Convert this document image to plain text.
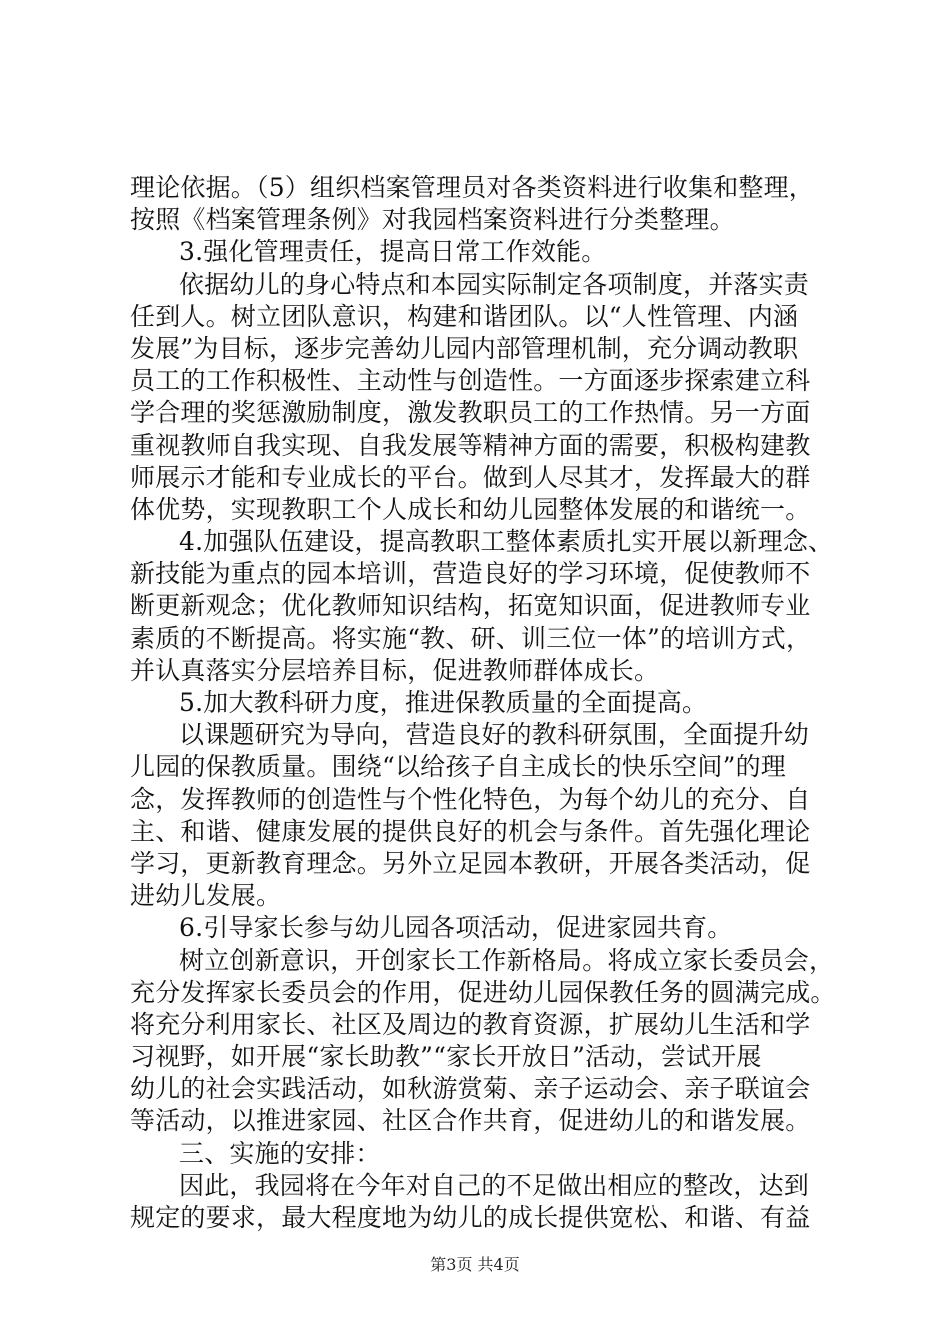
理论依据。（5）组织档案管理员对各类资料进行收集和整理，
按照《档案管理条例》对我园档案资料进行分类整理。
3.强化管理责任，提高日常工作效能。
依据幼儿的身心特点和本园实际制定各项制度，并落实责
任到人。树立团队意识，构建和谐团队。以“人性管理、内涵
发展”为目标，逐步完善幼儿园内部管理机制，充分调动教职
员工的工作积极性、主动性与创造性。一方面逐步探索建立科
学合理的奖惩激励制度，激发教职员工的工作热情。另一方面
重视教师自我实现、自我发展等精神方面的需要，积极构建教
师展示才能和专业成长的平台。做到人尽其才，发挥最大的群
体优势，实现教职工个人成长和幼儿园整体发展的和谐统一。
4.加强队伍建设，提高教职工整体素质扎实开展以新理念、
新技能为重点的园本培训，营造良好的学习环境，促使教师不
断更新观念；优化教师知识结构，拓宽知识面，促进教师专业
素质的不断提高。将实施“教、研、训三位一体”的培训方式，
并认真落实分层培养目标，促进教师群体成长。
5.加大教科研力度，推进保教质量的全面提高。
以课题研究为导向，营造良好的教科研氛围，全面提升幼
儿园的保教质量。围绕“以给孩子自主成长的快乐空间”的理
念，发挥教师的创造性与个性化特色，为每个幼儿的充分、自
主、和谐、健康发展的提供良好的机会与条件。首先强化理论
学习，更新教育理念。另外立足园本教研，开展各类活动，促
进幼儿发展。
6.引导家长参与幼儿园各项活动，促进家园共育。
树立创新意识，开创家长工作新格局。将成立家长委员会，
充分发挥家长委员会的作用，促进幼儿园保教任务的圆满完成。
将充分利用家长、社区及周边的教育资源，扩展幼儿生活和学
习视野，如开展“家长助教”“家长开放日”活动，尝试开展
幼儿的社会实践活动，如秋游赏菊、亲子运动会、亲子联谊会
等活动，以推进家园、社区合作共育，促进幼儿的和谐发展。
三、实施的安排：
因此，我园将在今年对自己的不足做出相应的整改，达到
规定的要求，最大程度地为幼儿的成长提供宽松、和谐、有益
第3页 共4页
